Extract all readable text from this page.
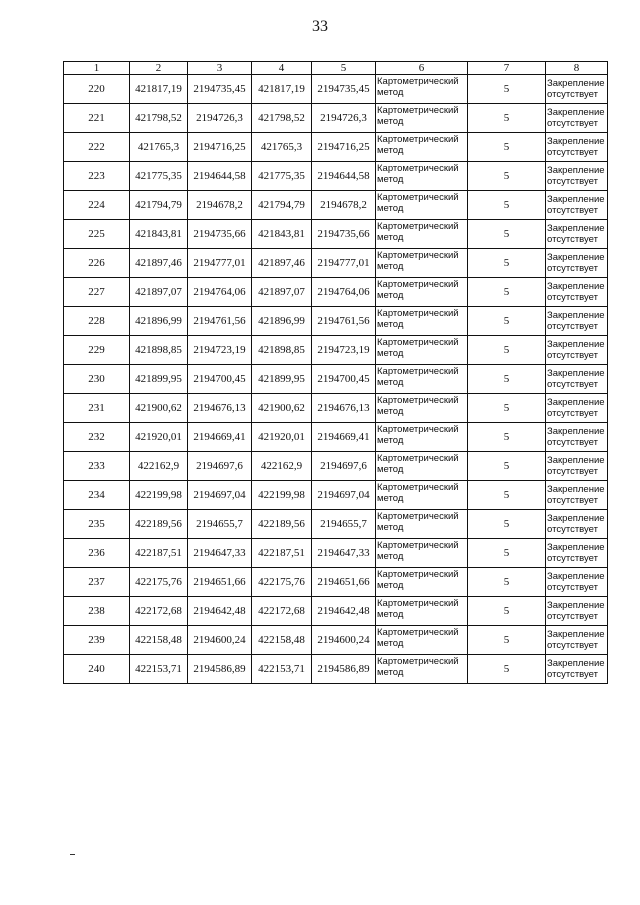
33
1	2	3	4	5	6	7	8
220	421817,19	2194735,45	421817,19	2194735,45	Картометрический метод	5	Закрепление отсутствует
221	421798,52	2194726,3	421798,52	2194726,3	Картометрический метод	5	Закрепление отсутствует
222	421765,3	2194716,25	421765,3	2194716,25	Картометрический метод	5	Закрепление отсутствует
223	421775,35	2194644,58	421775,35	2194644,58	Картометрический метод	5	Закрепление отсутствует
224	421794,79	2194678,2	421794,79	2194678,2	Картометрический метод	5	Закрепление отсутствует
225	421843,81	2194735,66	421843,81	2194735,66	Картометрический метод	5	Закрепление отсутствует
226	421897,46	2194777,01	421897,46	2194777,01	Картометрический метод	5	Закрепление отсутствует
227	421897,07	2194764,06	421897,07	2194764,06	Картометрический метод	5	Закрепление отсутствует
228	421896,99	2194761,56	421896,99	2194761,56	Картометрический метод	5	Закрепление отсутствует
229	421898,85	2194723,19	421898,85	2194723,19	Картометрический метод	5	Закрепление отсутствует
230	421899,95	2194700,45	421899,95	2194700,45	Картометрический метод	5	Закрепление отсутствует
231	421900,62	2194676,13	421900,62	2194676,13	Картометрический метод	5	Закрепление отсутствует
232	421920,01	2194669,41	421920,01	2194669,41	Картометрический метод	5	Закрепление отсутствует
233	422162,9	2194697,6	422162,9	2194697,6	Картометрический метод	5	Закрепление отсутствует
234	422199,98	2194697,04	422199,98	2194697,04	Картометрический метод	5	Закрепление отсутствует
235	422189,56	2194655,7	422189,56	2194655,7	Картометрический метод	5	Закрепление отсутствует
236	422187,51	2194647,33	422187,51	2194647,33	Картометрический метод	5	Закрепление отсутствует
237	422175,76	2194651,66	422175,76	2194651,66	Картометрический метод	5	Закрепление отсутствует
238	422172,68	2194642,48	422172,68	2194642,48	Картометрический метод	5	Закрепление отсутствует
239	422158,48	2194600,24	422158,48	2194600,24	Картометрический метод	5	Закрепление отсутствует
240	422153,71	2194586,89	422153,71	2194586,89	Картометрический метод	5	Закрепление отсутствует
